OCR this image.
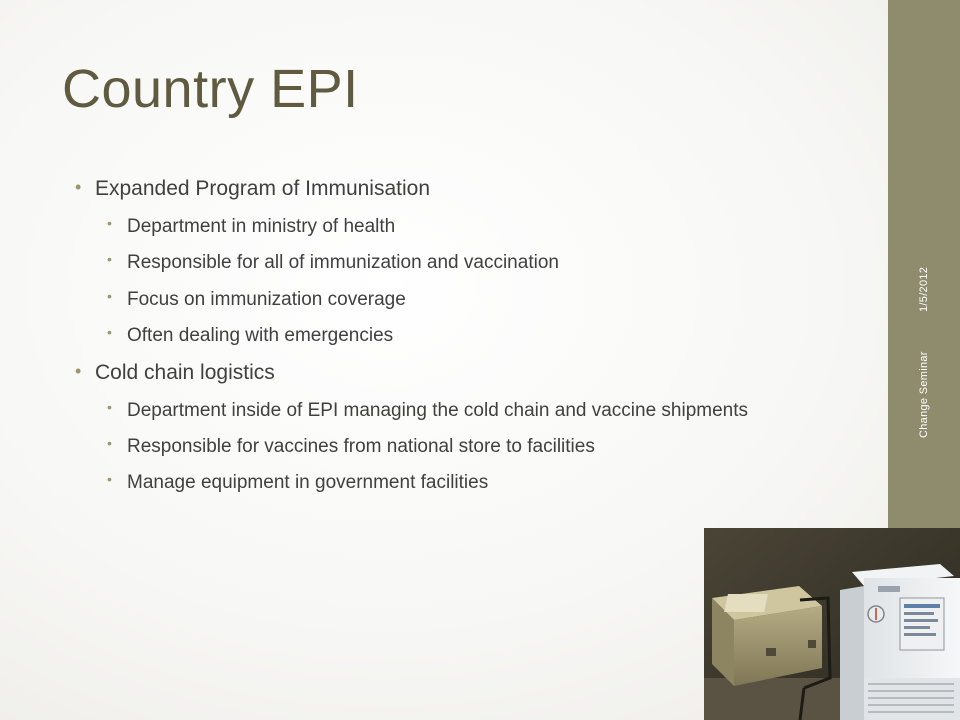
Country EPI
• Expanded Program of Immunisation
• Department in ministry of health
• Responsible for all of immunization and vaccination
• Focus on immunization coverage
• Often dealing with emergencies
• Cold chain logistics
• Department inside of EPI managing the cold chain and vaccine shipments
• Responsible for vaccines from national store to facilities
• Manage equipment in government facilities
1/5/2012
Change Seminar
